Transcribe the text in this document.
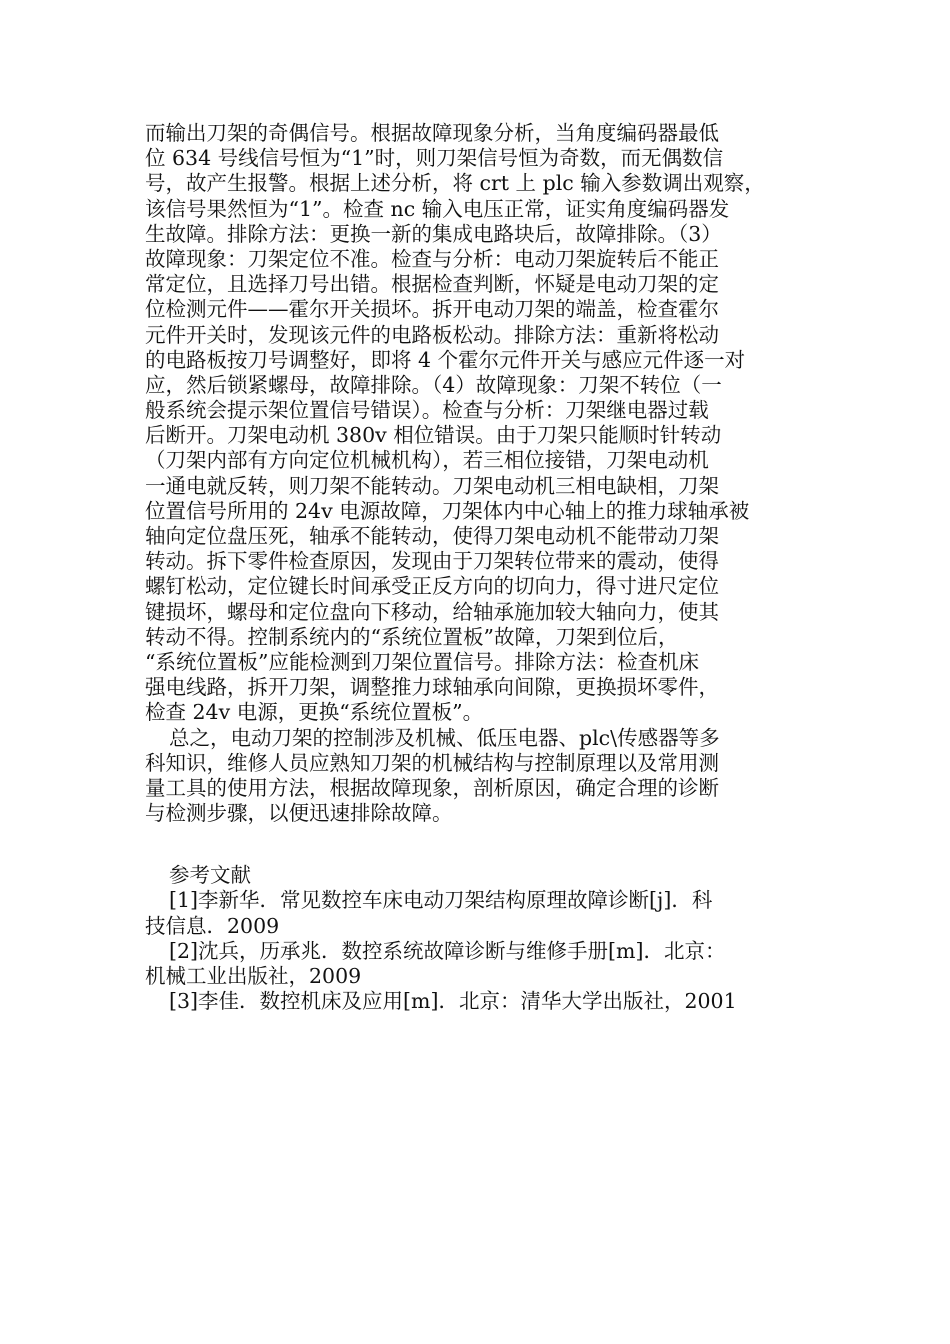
而输出刀架的奇偶信号。根据故障现象分析，当角度编码器最低
位 634 号线信号恒为“1”时，则刀架信号恒为奇数，而无偶数信
号，故产生报警。根据上述分析，将 crt 上 plc 输入参数调出观察，
该信号果然恒为“1”。检查 nc 输入电压正常，证实角度编码器发
生故障。排除方法：更换一新的集成电路块后，故障排除。（3）
故障现象：刀架定位不准。检查与分析：电动刀架旋转后不能正
常定位，且选择刀号出错。根据检查判断，怀疑是电动刀架的定
位检测元件——霍尔开关损坏。拆开电动刀架的端盖，检查霍尔
元件开关时，发现该元件的电路板松动。排除方法：重新将松动
的电路板按刀号调整好，即将 4 个霍尔元件开关与感应元件逐一对
应，然后锁紧螺母，故障排除。（4）故障现象：刀架不转位（一
般系统会提示架位置信号错误）。检查与分析：刀架继电器过载
后断开。刀架电动机 380v 相位错误。由于刀架只能顺时针转动
（刀架内部有方向定位机械机构），若三相位接错，刀架电动机
一通电就反转，则刀架不能转动。刀架电动机三相电缺相，刀架
位置信号所用的 24v 电源故障，刀架体内中心轴上的推力球轴承被
轴向定位盘压死，轴承不能转动，使得刀架电动机不能带动刀架
转动。拆下零件检查原因，发现由于刀架转位带来的震动，使得
螺钉松动，定位键长时间承受正反方向的切向力，得寸进尺定位
键损坏，螺母和定位盘向下移动，给轴承施加较大轴向力，使其
转动不得。控制系统内的“系统位置板”故障，刀架到位后，
“系统位置板”应能检测到刀架位置信号。排除方法：检查机床
强电线路，拆开刀架，调整推力球轴承向间隙，更换损坏零件，
检查 24v 电源，更换“系统位置板”。
总之，电动刀架的控制涉及机械、低压电器、plc\传感器等多
科知识，维修人员应熟知刀架的机械结构与控制原理以及常用测
量工具的使用方法，根据故障现象，剖析原因，确定合理的诊断
与检测步骤，以便迅速排除故障。
参考文献
[1]李新华．常见数控车床电动刀架结构原理故障诊断[j]．科
技信息．2009
[2]沈兵，历承兆．数控系统故障诊断与维修手册[m]．北京：
机械工业出版社，2009
[3]李佳．数控机床及应用[m]．北京：清华大学出版社，2001
